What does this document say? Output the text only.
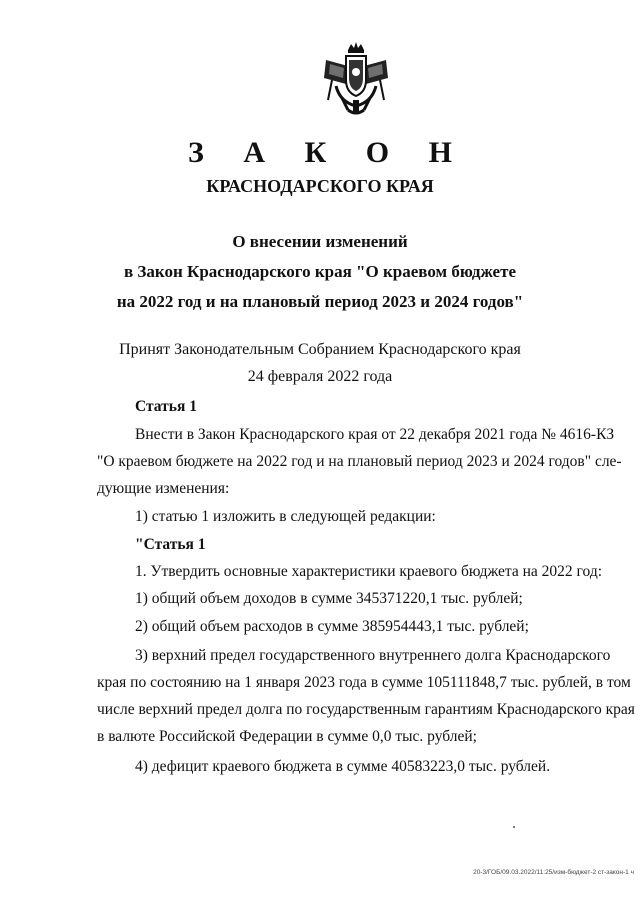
З А К О Н
КРАСНОДАРСКОГО КРАЯ
О внесении изменений
в Закон Краснодарского края "О краевом бюджете
на 2022 год и на плановый период 2023 и 2024 годов"
Принят Законодательным Собранием Краснодарского края
24 февраля 2022 года
Статья 1
Внести в Закон Краснодарского края от 22 декабря 2021 года № 4616-КЗ
"О краевом бюджете на 2022 год и на плановый период 2023 и 2024 годов" сле-
дующие изменения:
1) статью 1 изложить в следующей редакции:
"Статья 1
1. Утвердить основные характеристики краевого бюджета на 2022 год:
1) общий объем доходов в сумме 345371220,1 тыс. рублей;
2) общий объем расходов в сумме 385954443,1 тыс. рублей;
3) верхний предел государственного внутреннего долга Краснодарского
края по состоянию на 1 января 2023 года в сумме 105111848,7 тыс. рублей, в том
числе верхний предел долга по государственным гарантиям Краснодарского края
в валюте Российской Федерации в сумме 0,0 тыс. рублей;
4) дефицит краевого бюджета в сумме 40583223,0 тыс. рублей.
20-3/ГОБ/09.03.2022/11:25/изм-бюджет-2 ст-закон-1 ч
